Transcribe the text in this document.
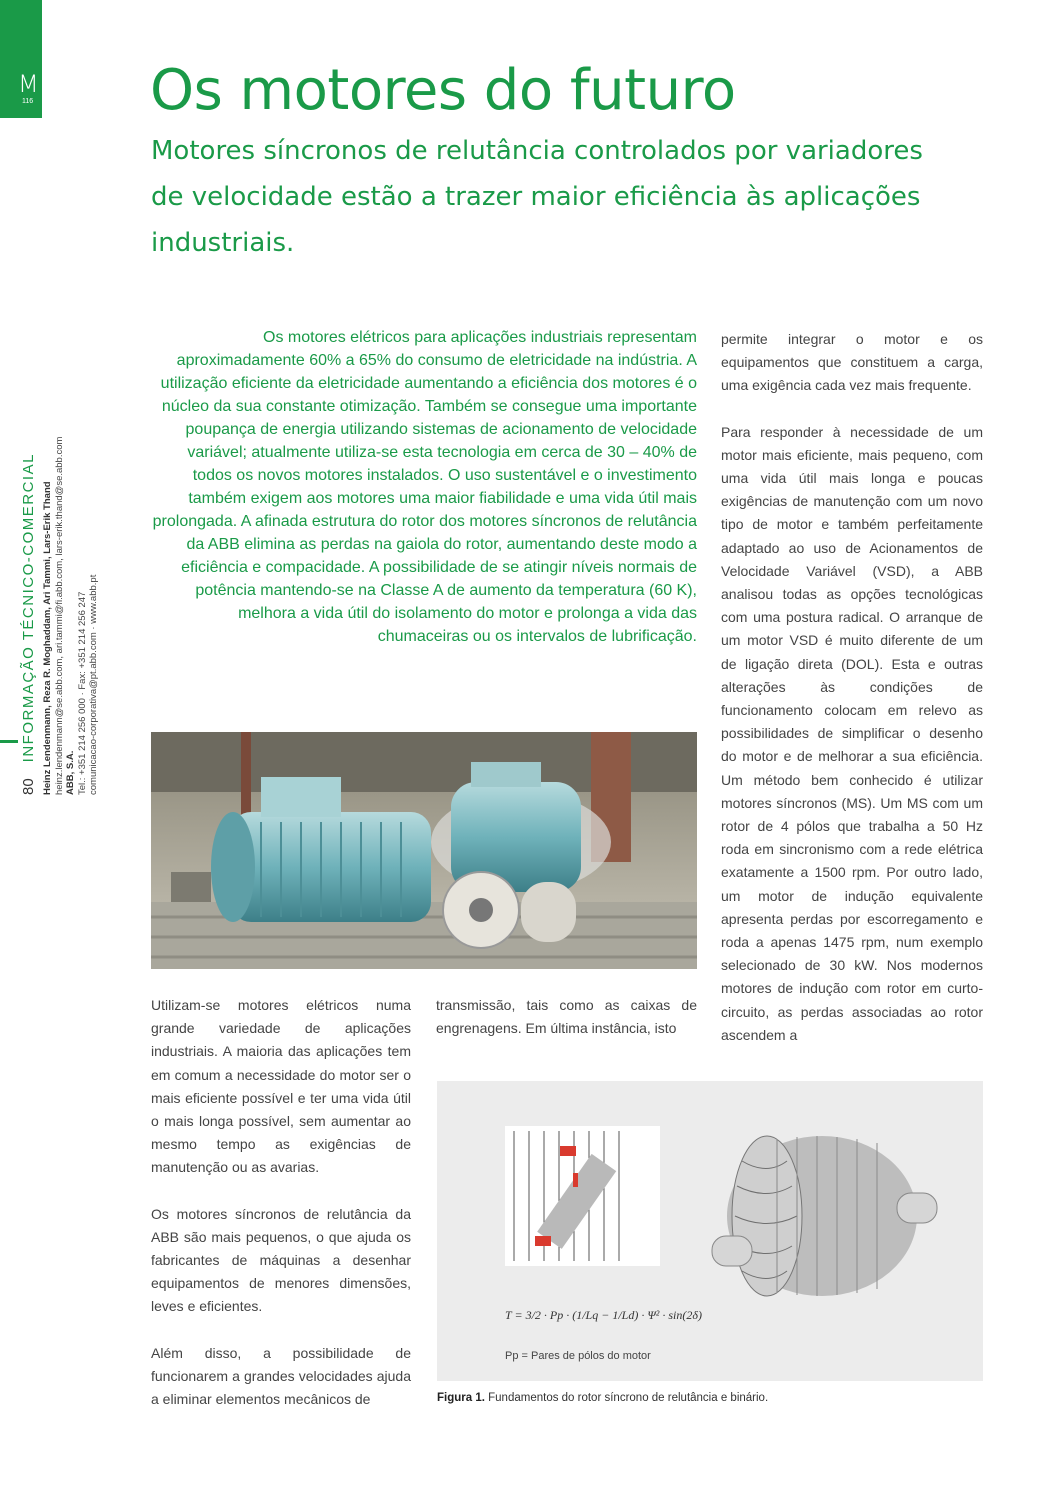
M
116
80INFORMAÇÃO TÉCNICO-COMERCIAL Heinz Lendenmann, Reza R. Moghaddam, Ari Tammi, Lars-Erik Thand heinz.lendenmann@se.abb.com, ari.tammi@fi.abb.com, lars-erik.thand@se.abb.com ABB, S.A. Tel.: +351 214 256 000 · Fax: +351 214 256 247 comunicacao-corporativa@pt.abb.com · www.abb.pt
Os motores do futuro

Motores síncronos de relutância controlados por variadores de velocidade estão a trazer maior eficiência às aplicações industriais.

Os motores elétricos para aplicações industriais representam aproximadamente 60% a 65% do consumo de eletricidade na indústria. A utilização eficiente da eletricidade aumentando a eficiência dos motores é o núcleo da sua constante otimização. Também se consegue uma importante poupança de energia utilizando sistemas de acionamento de velocidade variável; atualmente utiliza-se esta tecnologia em cerca de 30 – 40% de todos os novos motores instalados. O uso sustentável e o investimento também exigem aos motores uma maior fiabilidade e uma vida útil mais prolongada. A afinada estrutura do rotor dos motores síncronos de relutância da ABB elimina as perdas na gaiola do rotor, aumentando deste modo a eficiência e compacidade. A possibilidade de se atingir níveis normais de potência mantendo-se na Classe A de aumento da temperatura (60 K), melhora a vida útil do isolamento do motor e prolonga a vida das chumaceiras ou os intervalos de lubrificação.

permite integrar o motor e os equipamentos que constituem a carga, uma exigência cada vez mais frequente.

Para responder à necessidade de um motor mais eficiente, mais pequeno, com uma vida útil mais longa e poucas exigências de manutenção com um novo tipo de motor e também perfeitamente adaptado ao uso de Acionamentos de Velocidade Variável (VSD), a ABB analisou todas as opções tecnológicas com uma postura radical. O arranque de um motor VSD é muito diferente de um de ligação direta (DOL). Esta e outras alterações às condições de funcionamento colocam em relevo as possibilidades de simplificar o desenho do motor e de melhorar a sua eficiência. Um método bem conhecido é utilizar motores síncronos (MS). Um MS com um rotor de 4 pólos que trabalha a 50 Hz roda em sincronismo com a rede elétrica exatamente a 1500 rpm. Por outro lado, um motor de indução equivalente apresenta perdas por escorregamento e roda a apenas 1475 rpm, num exemplo selecionado de 30 kW. Nos modernos motores de indução com rotor em curto-circuito, as perdas associadas ao rotor ascendem a

Utilizam-se motores elétricos numa grande variedade de aplicações industriais. A maioria das aplicações tem em comum a necessidade do motor ser o mais eficiente possível e ter uma vida útil o mais longa possível, sem aumentar ao mesmo tempo as exigências de manutenção ou as avarias.

Os motores síncronos de relutância da ABB são mais pequenos, o que ajuda os fabricantes de máquinas a desenhar equipamentos de menores dimensões, leves e eficientes.

Além disso, a possibilidade de funcionarem a grandes velocidades ajuda a eliminar elementos mecânicos de

transmissão, tais como as caixas de engrenagens. Em última instância, isto

T = 3/2 · Pp · (1/Lq − 1/Ld) · Ψ² · sin(2δ)
Pp = Pares de pólos do motor
Figura 1. Fundamentos do rotor síncrono de relutância e binário.
